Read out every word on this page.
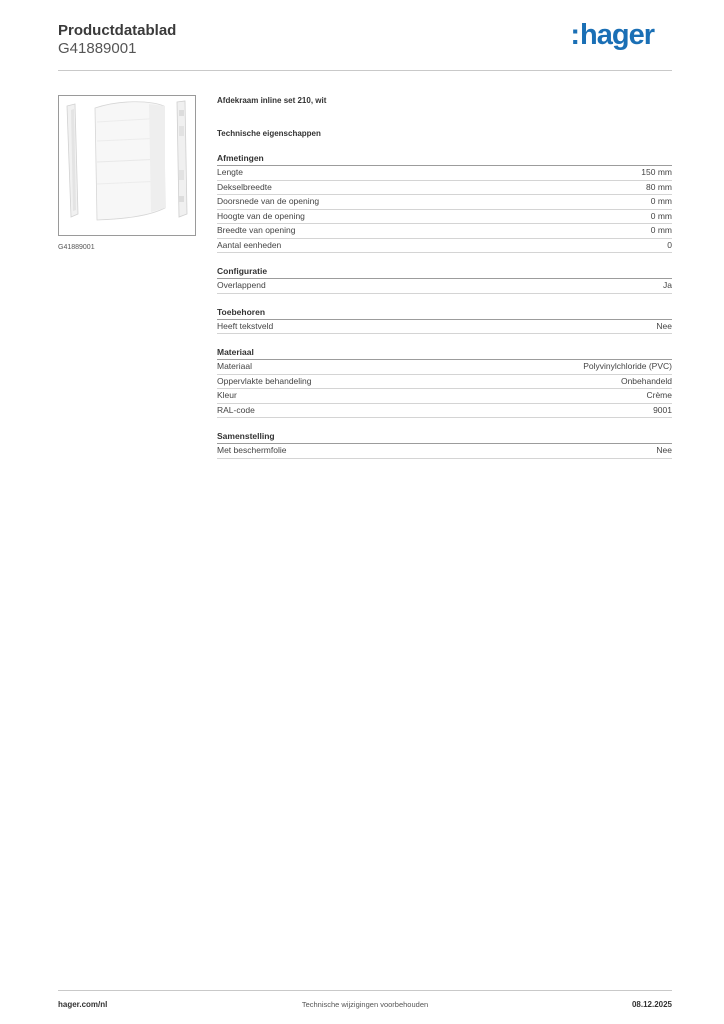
Productdatablad
G41889001	:hager
G41889001
Afdekraam inline set 210, wit
Technische eigenschappen
Afmetingen
Lengte	150 mm
Dekselbreedte	80 mm
Doorsnede van de opening	0 mm
Hoogte van de opening	0 mm
Breedte van opening	0 mm
Aantal eenheden	0
Configuratie
Overlappend	Ja
Toebehoren
Heeft tekstveld	Nee
Materiaal
Materiaal	Polyvinylchloride (PVC)
Oppervlakte behandeling	Onbehandeld
Kleur	Crème
RAL-code	9001
Samenstelling
Met beschermfolie	Nee
hager.com/nl	Technische wijzigingen voorbehouden	08.12.2025
